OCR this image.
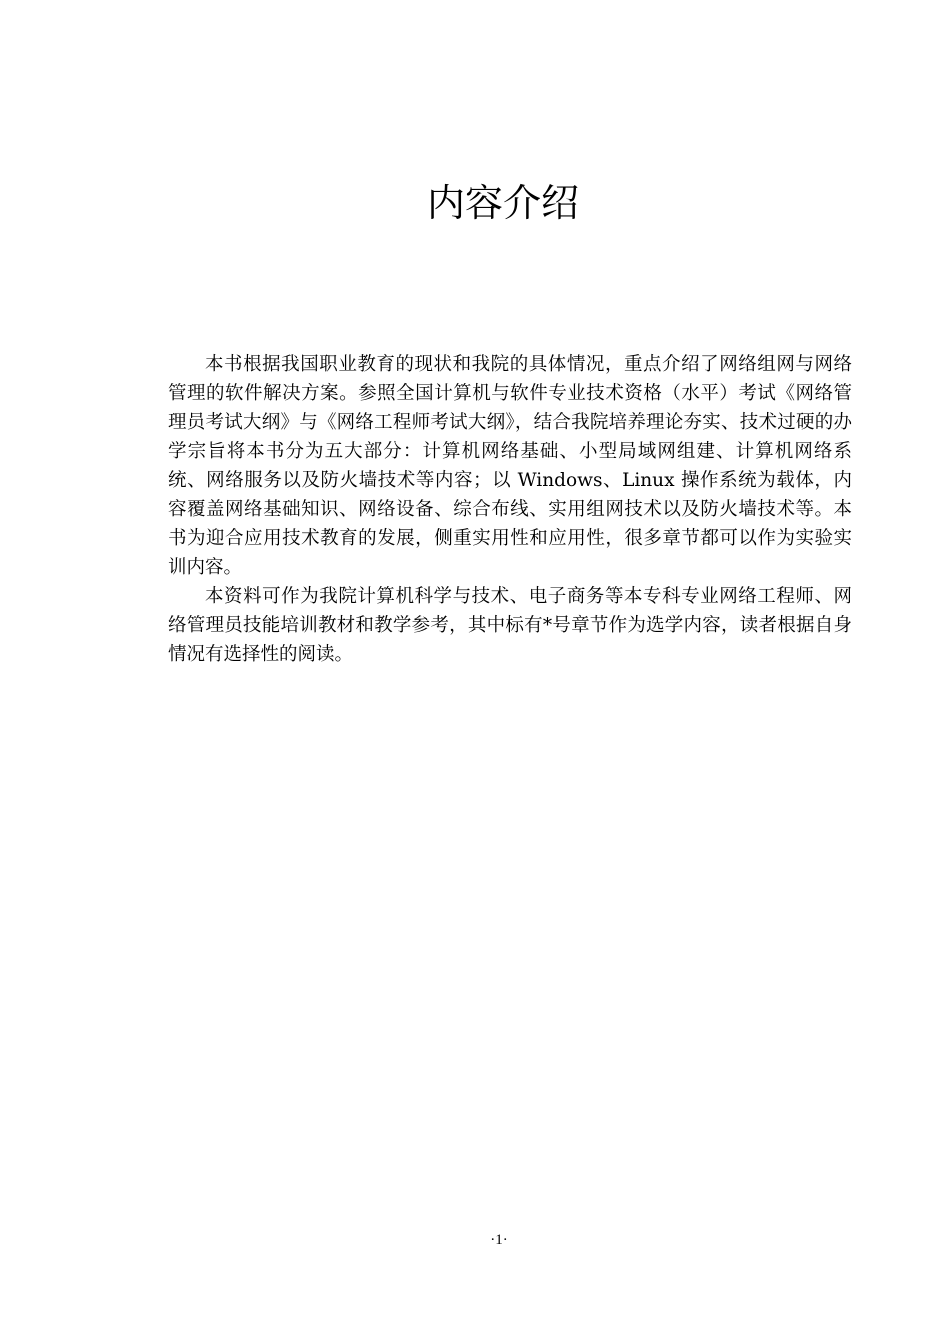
内容介绍

本书根据我国职业教育的现状和我院的具体情况，重点介绍了网络组网与网络管理的软件解决方案。参照全国计算机与软件专业技术资格（水平）考试《网络管理员考试大纲》与《网络工程师考试大纲》，结合我院培养理论夯实、技术过硬的办学宗旨将本书分为五大部分：计算机网络基础、小型局域网组建、计算机网络系统、网络服务以及防火墙技术等内容；以 Windows、Linux 操作系统为载体，内容覆盖网络基础知识、网络设备、综合布线、实用组网技术以及防火墙技术等。本书为迎合应用技术教育的发展，侧重实用性和应用性，很多章节都可以作为实验实训内容。

本资料可作为我院计算机科学与技术、电子商务等本专科专业网络工程师、网络管理员技能培训教材和教学参考，其中标有*号章节作为选学内容，读者根据自身情况有选择性的阅读。

·1·
